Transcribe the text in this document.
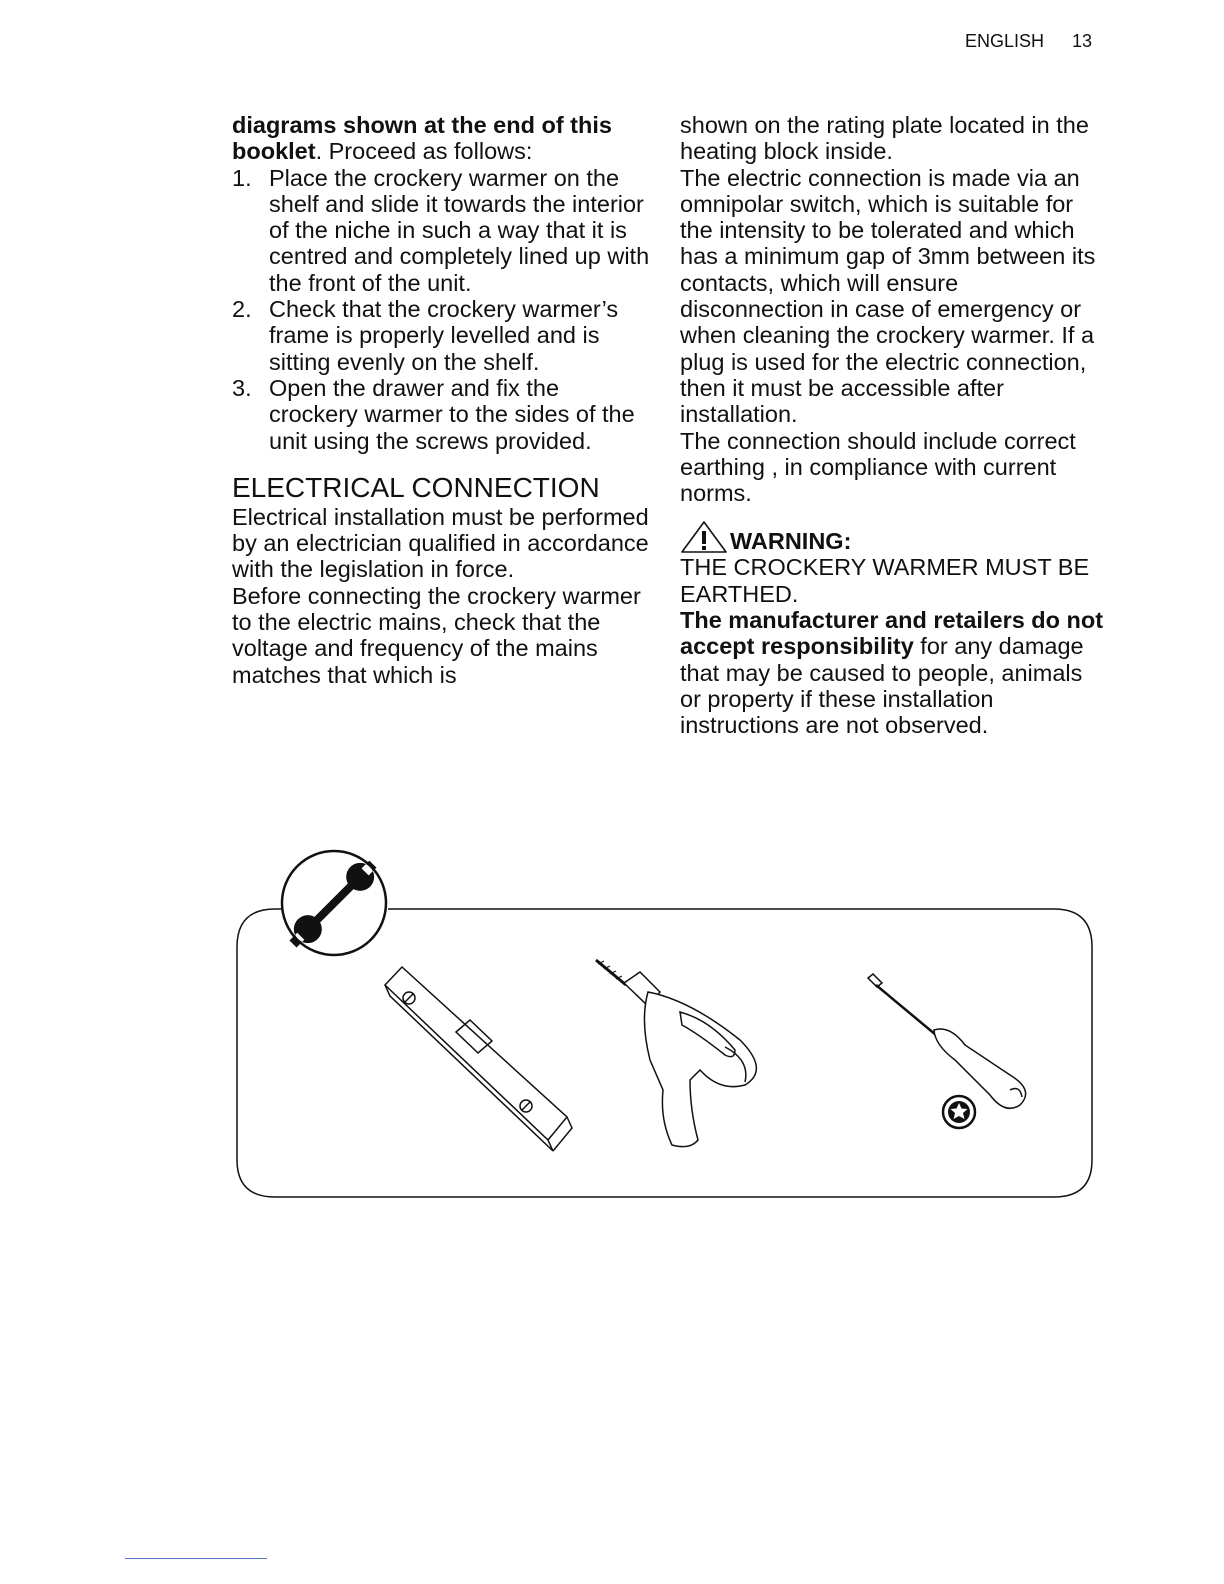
ENGLISH 13

diagrams shown at the end of this booklet. Proceed as follows:

1. Place the crockery warmer on the shelf and slide it towards the interior of the niche in such a way that it is centred and completely lined up with the front of the unit.
2. Check that the crockery warmer’s frame is properly levelled and is sitting evenly on the shelf.
3. Open the drawer and fix the crockery warmer to the sides of the unit using the screws provided.
ELECTRICAL CONNECTION

Electrical installation must be performed by an electrician qualified in accordance with the legislation in force.

Before connecting the crockery warmer to the electric mains, check that the voltage and frequency of the mains matches that which is

shown on the rating plate located in the heating block inside.

The electric connection is made via an omnipolar switch, which is suitable for the intensity to be tolerated and which has a minimum gap of 3mm between its contacts, which will ensure disconnection in case of emergency or when cleaning the crockery warmer. If a plug is used for the electric connection, then it must be accessible after installation.

The connection should include correct earthing , in compliance with current norms.

WARNING:

THE CROCKERY WARMER MUST BE EARTHED.

The manufacturer and retailers do not accept responsibility for any damage that may be caused to people, animals or property if these installation instructions are not observed.
